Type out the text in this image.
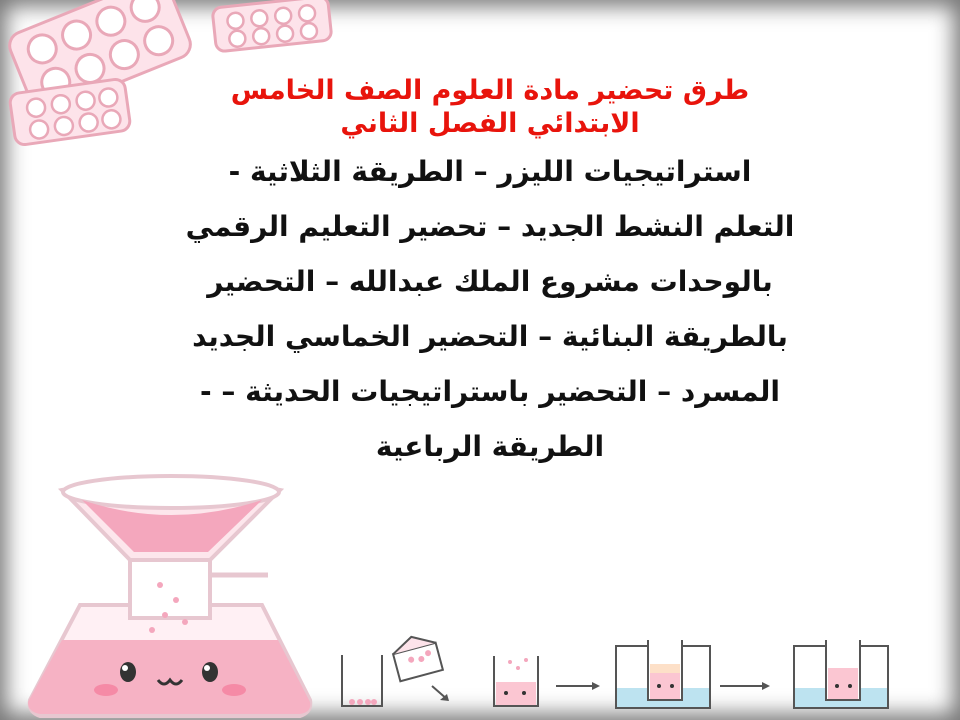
طرق تحضير مادة العلوم الصف الخامس

الابتدائي الفصل الثاني

استراتيجيات الليزر – الطريقة الثلاثية -

التعلم النشط الجديد – تحضير التعليم الرقمي

بالوحدات مشروع الملك عبدالله – التحضير

بالطريقة البنائية – التحضير الخماسي الجديد

المسرد – التحضير باستراتيجيات الحديثة – -

الطريقة الرباعية
